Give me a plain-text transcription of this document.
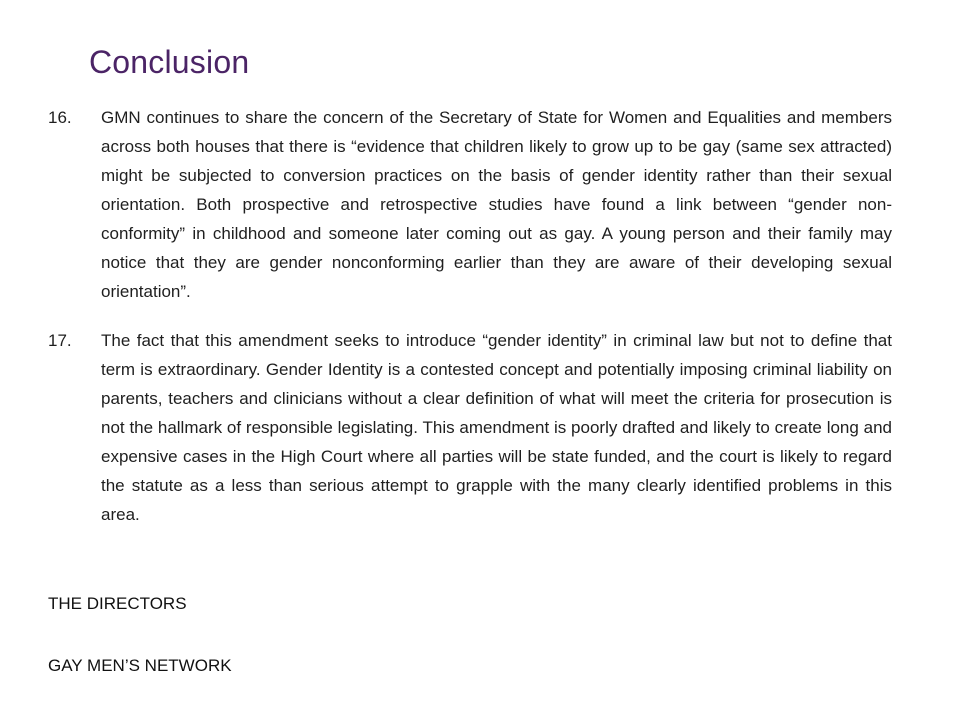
Conclusion
16.	GMN continues to share the concern of the Secretary of State for Women and Equalities and members across both houses that there is “evidence that children likely to grow up to be gay (same sex attracted) might be subjected to conversion practices on the basis of gender identity rather than their sexual orientation. Both prospective and retrospective studies have found a link between “gender non-conformity” in childhood and someone later coming out as gay. A young person and their family may notice that they are gender nonconforming earlier than they are aware of their developing sexual orientation”.
17.	The fact that this amendment seeks to introduce “gender identity” in criminal law but not to define that term is extraordinary. Gender Identity is a contested concept and potentially imposing criminal liability on parents, teachers and clinicians without a clear definition of what will meet the criteria for prosecution is not the hallmark of responsible legislating. This amendment is poorly drafted and likely to create long and expensive cases in the High Court where all parties will be state funded, and the court is likely to regard the statute as a less than serious attempt to grapple with the many clearly identified problems in this area.
THE DIRECTORS
GAY MEN’S NETWORK
